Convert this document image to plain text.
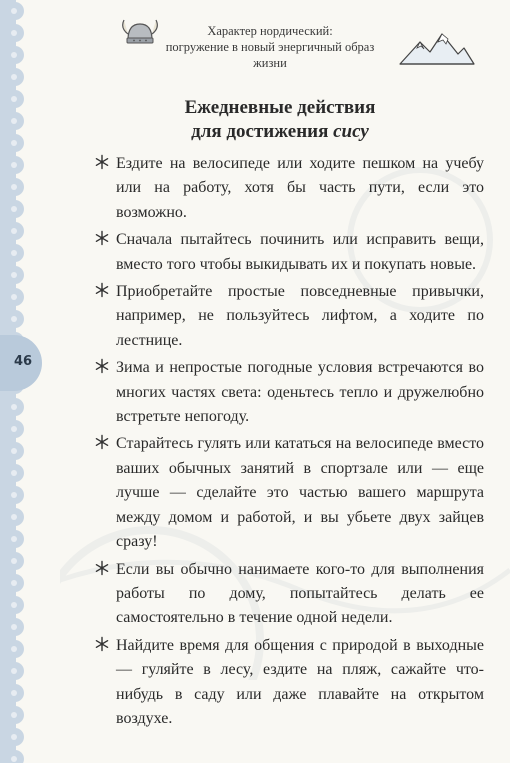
46
Характер нордический:
погружение в новый энергичный образ жизни
Ежедневные действия
для достижения сису
Ездите на велосипеде или ходите пешком на учебу или на работу, хотя бы часть пути, если это возможно.
Сначала пытайтесь починить или исправить вещи, вместо того чтобы выкидывать их и покупать новые.
Приобретайте простые повседневные привычки, например, не пользуйтесь лифтом, а ходите по лестнице.
Зима и непростые погодные условия встречаются во многих частях света: оденьтесь тепло и дружелюбно встретьте непогоду.
Старайтесь гулять или кататься на велосипеде вместо ваших обычных занятий в спортзале или — еще лучше — сделайте это частью вашего маршрута между домом и работой, и вы убьете двух зайцев сразу!
Если вы обычно нанимаете кого-то для выполнения работы по дому, попытайтесь делать ее самостоятельно в течение одной недели.
Найдите время для общения с природой в выходные — гуляйте в лесу, ездите на пляж, сажайте что-нибудь в саду или даже плавайте на открытом воздухе.
